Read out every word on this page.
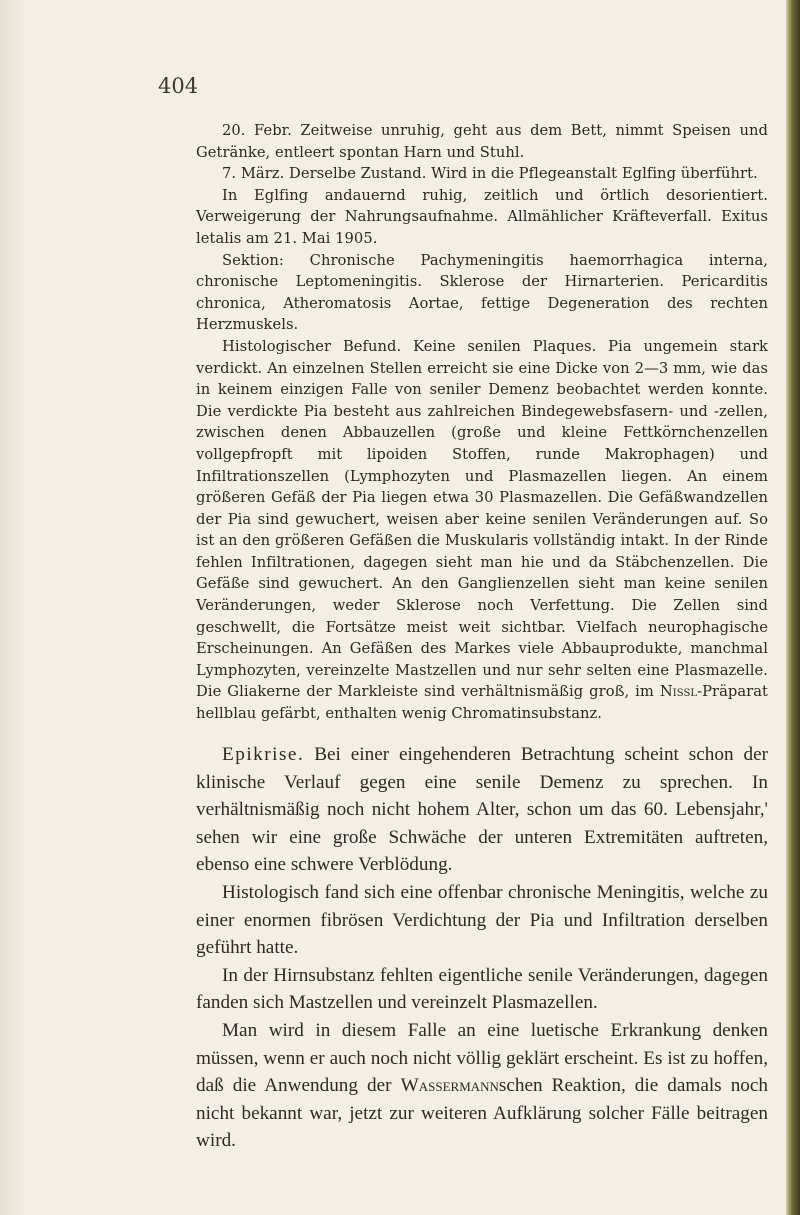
404

20. Febr. Zeitweise unruhig, geht aus dem Bett, nimmt Speisen und Getränke, entleert spontan Harn und Stuhl.

7. März. Derselbe Zustand. Wird in die Pflegeanstalt Eglfing überführt.

In Eglfing andauernd ruhig, zeitlich und örtlich desorientiert. Verweigerung der Nahrungsaufnahme. Allmählicher Kräfteverfall. Exitus letalis am 21. Mai 1905.

Sektion: Chronische Pachymeningitis haemorrhagica interna, chronische Leptomeningitis. Sklerose der Hirnarterien. Pericarditis chronica, Atheromatosis Aortae, fettige Degeneration des rechten Herzmuskels.

Histologischer Befund. Keine senilen Plaques. Pia ungemein stark verdickt. An einzelnen Stellen erreicht sie eine Dicke von 2—3 mm, wie das in keinem einzigen Falle von seniler Demenz beobachtet werden konnte. Die verdickte Pia besteht aus zahlreichen Bindegewebsfasern- und -zellen, zwischen denen Abbauzellen (große und kleine Fettkörnchenzellen vollgepfropft mit lipoiden Stoffen, runde Makrophagen) und Infiltrationszellen (Lymphozyten und Plasmazellen liegen. An einem größeren Gefäß der Pia liegen etwa 30 Plasmazellen. Die Gefäßwandzellen der Pia sind gewuchert, weisen aber keine senilen Veränderungen auf. So ist an den größeren Gefäßen die Muskularis vollständig intakt. In der Rinde fehlen Infiltrationen, dagegen sieht man hie und da Stäbchenzellen. Die Gefäße sind gewuchert. An den Ganglienzellen sieht man keine senilen Veränderungen, weder Sklerose noch Verfettung. Die Zellen sind geschwellt, die Fortsätze meist weit sichtbar. Vielfach neurophagische Erscheinungen. An Gefäßen des Markes viele Abbauprodukte, manchmal Lymphozyten, vereinzelte Mastzellen und nur sehr selten eine Plasmazelle. Die Gliakerne der Markleiste sind verhältnismäßig groß, im Nissl-Präparat hellblau gefärbt, enthalten wenig Chromatinsubstanz.

Epikrise. Bei einer eingehenderen Betrachtung scheint schon der klinische Verlauf gegen eine senile Demenz zu sprechen. In verhältnismäßig noch nicht hohem Alter, schon um das 60. Lebensjahr,' sehen wir eine große Schwäche der unteren Extremitäten auftreten, ebenso eine schwere Verblödung.

Histologisch fand sich eine offenbar chronische Meningitis, welche zu einer enormen fibrösen Verdichtung der Pia und Infiltration derselben geführt hatte.

In der Hirnsubstanz fehlten eigentliche senile Veränderungen, dagegen fanden sich Mastzellen und vereinzelt Plasmazellen.

Man wird in diesem Falle an eine luetische Erkrankung denken müssen, wenn er auch noch nicht völlig geklärt erscheint. Es ist zu hoffen, daß die Anwendung der Wassermannschen Reaktion, die damals noch nicht bekannt war, jetzt zur weiteren Aufklärung solcher Fälle beitragen wird.
